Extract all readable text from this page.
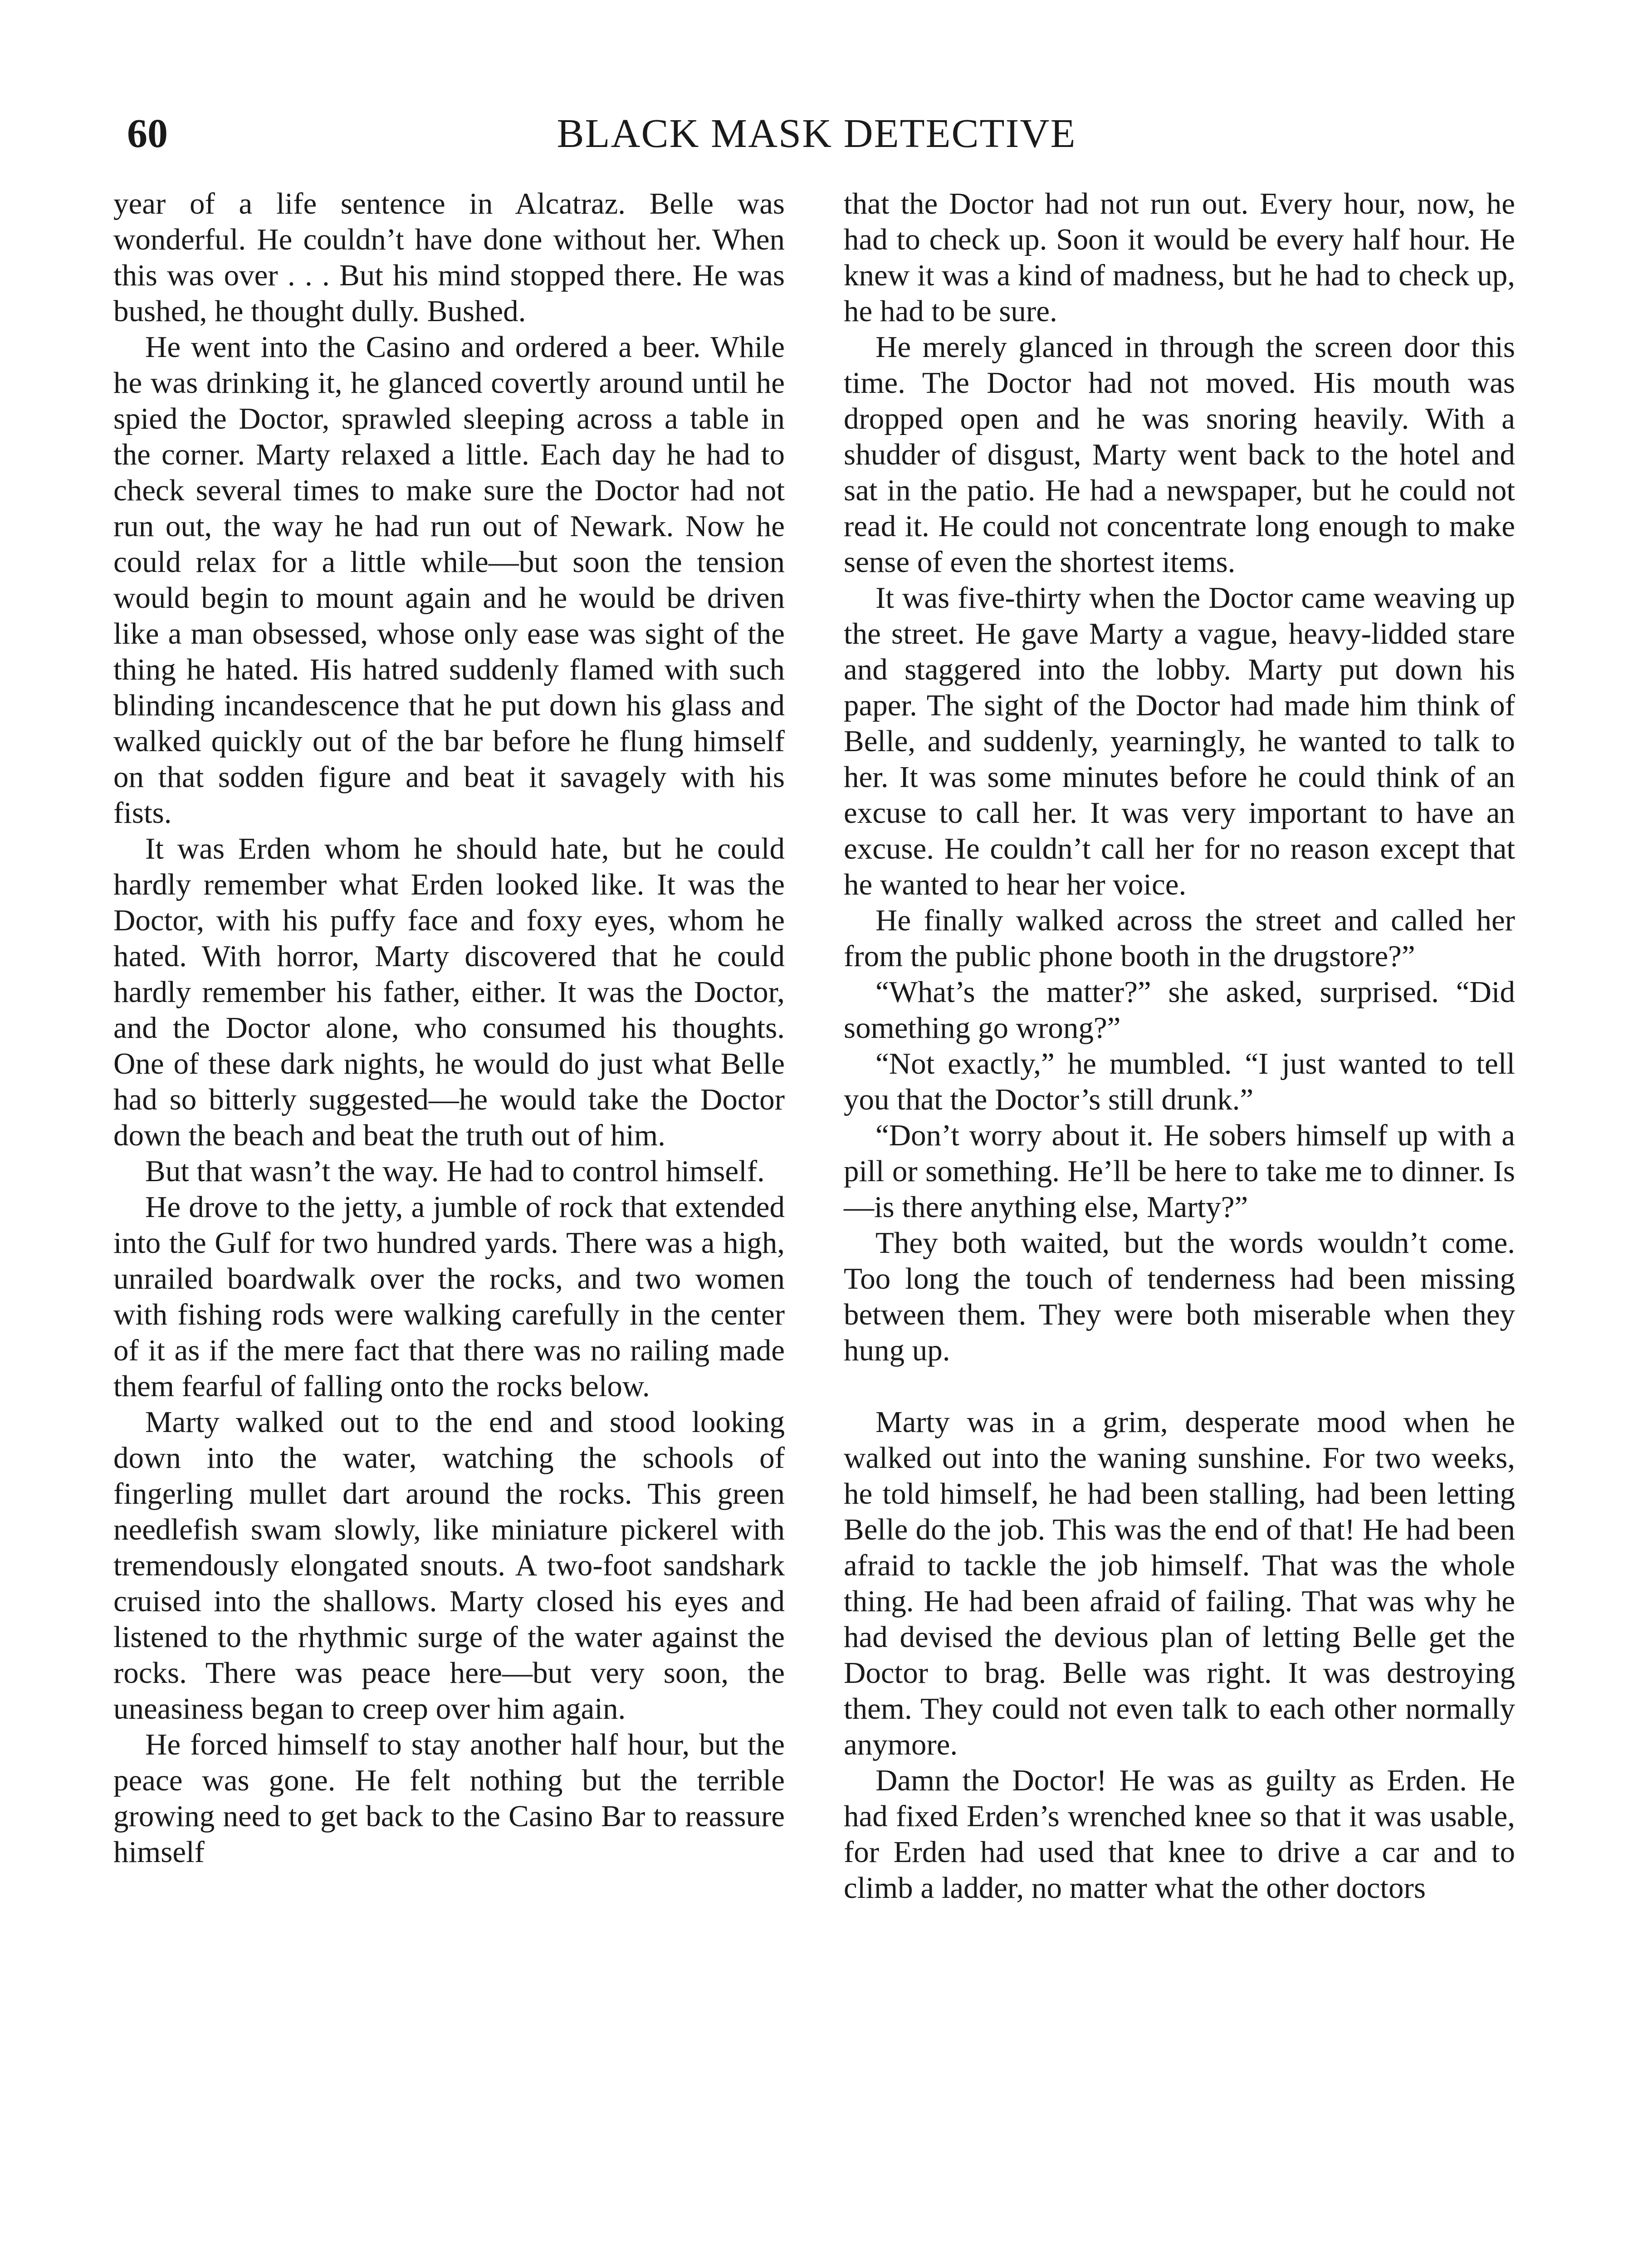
60	BLACK MASK DETECTIVE

year of a life sentence in Alcatraz. Belle was wonderful. He couldn’t have done without her. When this was over . . . But his mind stopped there. He was bushed, he thought dully. Bushed.

He went into the Casino and ordered a beer. While he was drinking it, he glanced covertly around until he spied the Doctor, sprawled sleeping across a table in the corner. Marty relaxed a little. Each day he had to check several times to make sure the Doctor had not run out, the way he had run out of Newark. Now he could relax for a little while—but soon the tension would begin to mount again and he would be driven like a man obsessed, whose only ease was sight of the thing he hated. His hatred suddenly flamed with such blinding incandescence that he put down his glass and walked quickly out of the bar before he flung himself on that sodden figure and beat it savagely with his fists.

It was Erden whom he should hate, but he could hardly remember what Erden looked like. It was the Doctor, with his puffy face and foxy eyes, whom he hated. With horror, Marty discovered that he could hardly remember his father, either. It was the Doctor, and the Doctor alone, who consumed his thoughts. One of these dark nights, he would do just what Belle had so bitterly suggested—he would take the Doctor down the beach and beat the truth out of him.

But that wasn’t the way. He had to control himself.

He drove to the jetty, a jumble of rock that extended into the Gulf for two hundred yards. There was a high, unrailed boardwalk over the rocks, and two women with fishing rods were walking carefully in the center of it as if the mere fact that there was no railing made them fearful of falling onto the rocks below.

Marty walked out to the end and stood looking down into the water, watching the schools of fingerling mullet dart around the rocks. This green needlefish swam slowly, like miniature pickerel with tremendously elongated snouts. A two-foot sandshark cruised into the shallows. Marty closed his eyes and listened to the rhythmic surge of the water against the rocks. There was peace here—but very soon, the uneasiness began to creep over him again.

He forced himself to stay another half hour, but the peace was gone. He felt nothing but the terrible growing need to get back to the Casino Bar to reassure himself

that the Doctor had not run out. Every hour, now, he had to check up. Soon it would be every half hour. He knew it was a kind of madness, but he had to check up, he had to be sure.

He merely glanced in through the screen door this time. The Doctor had not moved. His mouth was dropped open and he was snoring heavily. With a shudder of disgust, Marty went back to the hotel and sat in the patio. He had a newspaper, but he could not read it. He could not concentrate long enough to make sense of even the shortest items.

It was five-thirty when the Doctor came weaving up the street. He gave Marty a vague, heavy-lidded stare and staggered into the lobby. Marty put down his paper. The sight of the Doctor had made him think of Belle, and suddenly, yearningly, he wanted to talk to her. It was some minutes before he could think of an excuse to call her. It was very important to have an excuse. He couldn’t call her for no reason except that he wanted to hear her voice.

He finally walked across the street and called her from the public phone booth in the drugstore?”

“What’s the matter?” she asked, surprised. “Did something go wrong?”

“Not exactly,” he mumbled. “I just wanted to tell you that the Doctor’s still drunk.”

“Don’t worry about it. He sobers himself up with a pill or something. He’ll be here to take me to dinner. Is—is there anything else, Marty?”

They both waited, but the words wouldn’t come. Too long the touch of tenderness had been missing between them. They were both miserable when they hung up.

Marty was in a grim, desperate mood when he walked out into the waning sunshine. For two weeks, he told himself, he had been stalling, had been letting Belle do the job. This was the end of that! He had been afraid to tackle the job himself. That was the whole thing. He had been afraid of failing. That was why he had devised the devious plan of letting Belle get the Doctor to brag. Belle was right. It was destroying them. They could not even talk to each other normally anymore.

Damn the Doctor! He was as guilty as Erden. He had fixed Erden’s wrenched knee so that it was usable, for Erden had used that knee to drive a car and to climb a ladder, no matter what the other doctors
